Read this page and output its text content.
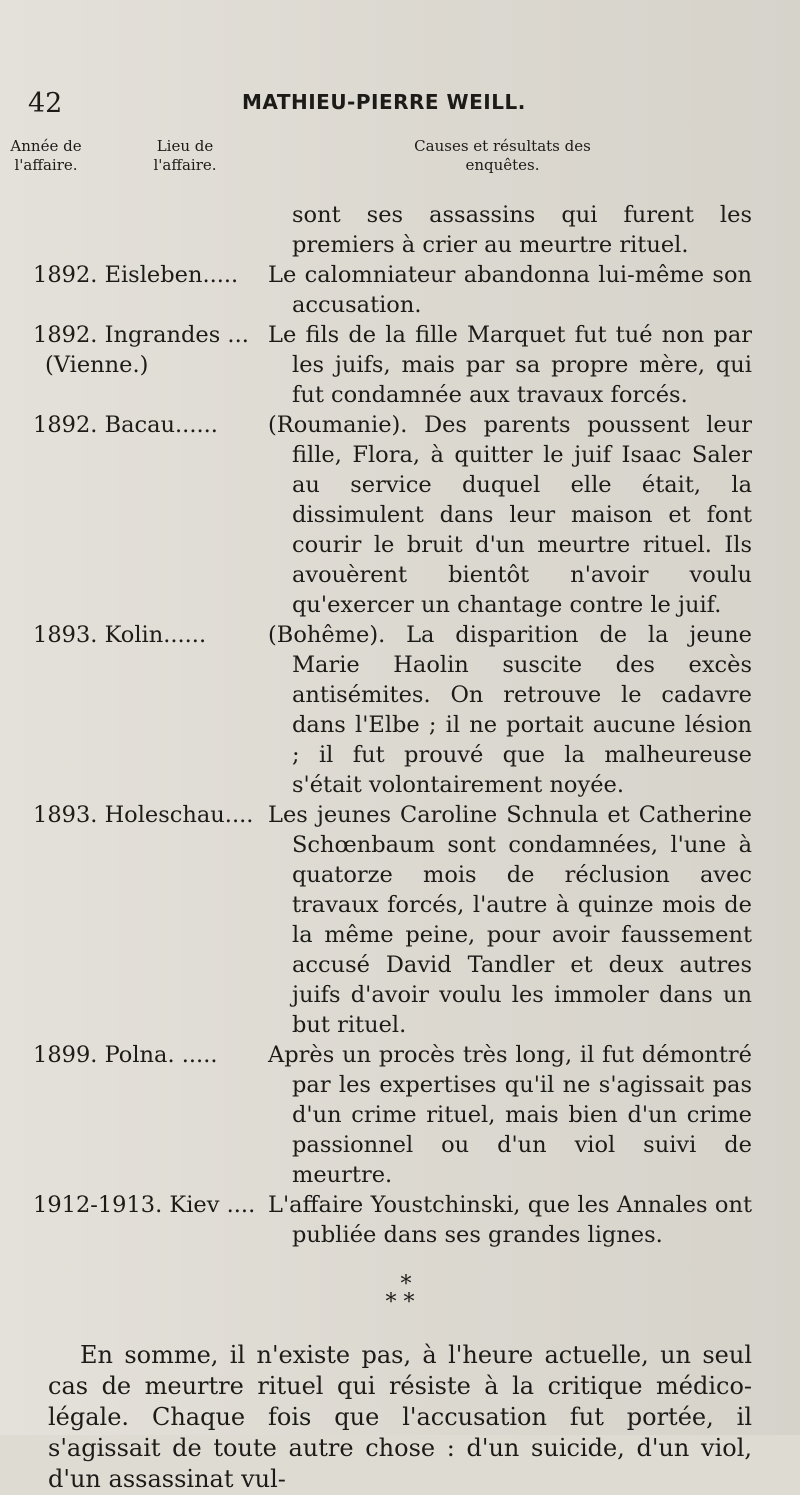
42	MATHIEU-PIERRE WEILL.
Année de l'affaire.
Lieu de l'affaire.
Causes et résultats des enquêtes.
sont ses assassins qui furent les premiers à crier au meurtre rituel.
1892. Eisleben..... Le calomniateur abandonna lui-même son accusation.
1892. Ingrandes ...
(Vienne.)
Le fils de la fille Marquet fut tué non par les juifs, mais par sa propre mère, qui fut condamnée aux travaux forcés.
1892. Bacau...... (Roumanie). Des parents poussent leur fille, Flora, à quitter le juif Isaac Saler au service duquel elle était, la dissimulent dans leur maison et font courir le bruit d'un meurtre rituel. Ils avouèrent bientôt n'avoir voulu qu'exercer un chantage contre le juif.
1893. Kolin......	(Bohême). La disparition de la jeune Marie Haolin suscite des excès antisémites. On retrouve le cadavre dans l'Elbe ; il ne portait aucune lésion ; il fut prouvé que la malheureuse s'était volontairement noyée.
1893. Holeschau.... Les jeunes Caroline Schnula et Catherine Schœnbaum sont condamnées, l'une à quatorze mois de réclusion avec travaux forcés, l'autre à quinze mois de la même peine, pour avoir faussement accusé David Tandler et deux autres juifs d'avoir voulu les immoler dans un but rituel.
1899. Polna. ..... Après un procès très long, il fut démontré par les expertises qu'il ne s'agissait pas d'un crime rituel, mais bien d'un crime passionnel ou d'un viol suivi de meurtre.
1912-1913. Kiev .... L'affaire Youstchinski, que les Annales ont publiée dans ses grandes lignes.
*
* *

En somme, il n'existe pas, à l'heure actuelle, un seul cas de meurtre rituel qui résiste à la critique médico-légale. Chaque fois que l'accusation fut portée, il s'agissait de toute autre chose : d'un suicide, d'un viol, d'un assassinat vul-
